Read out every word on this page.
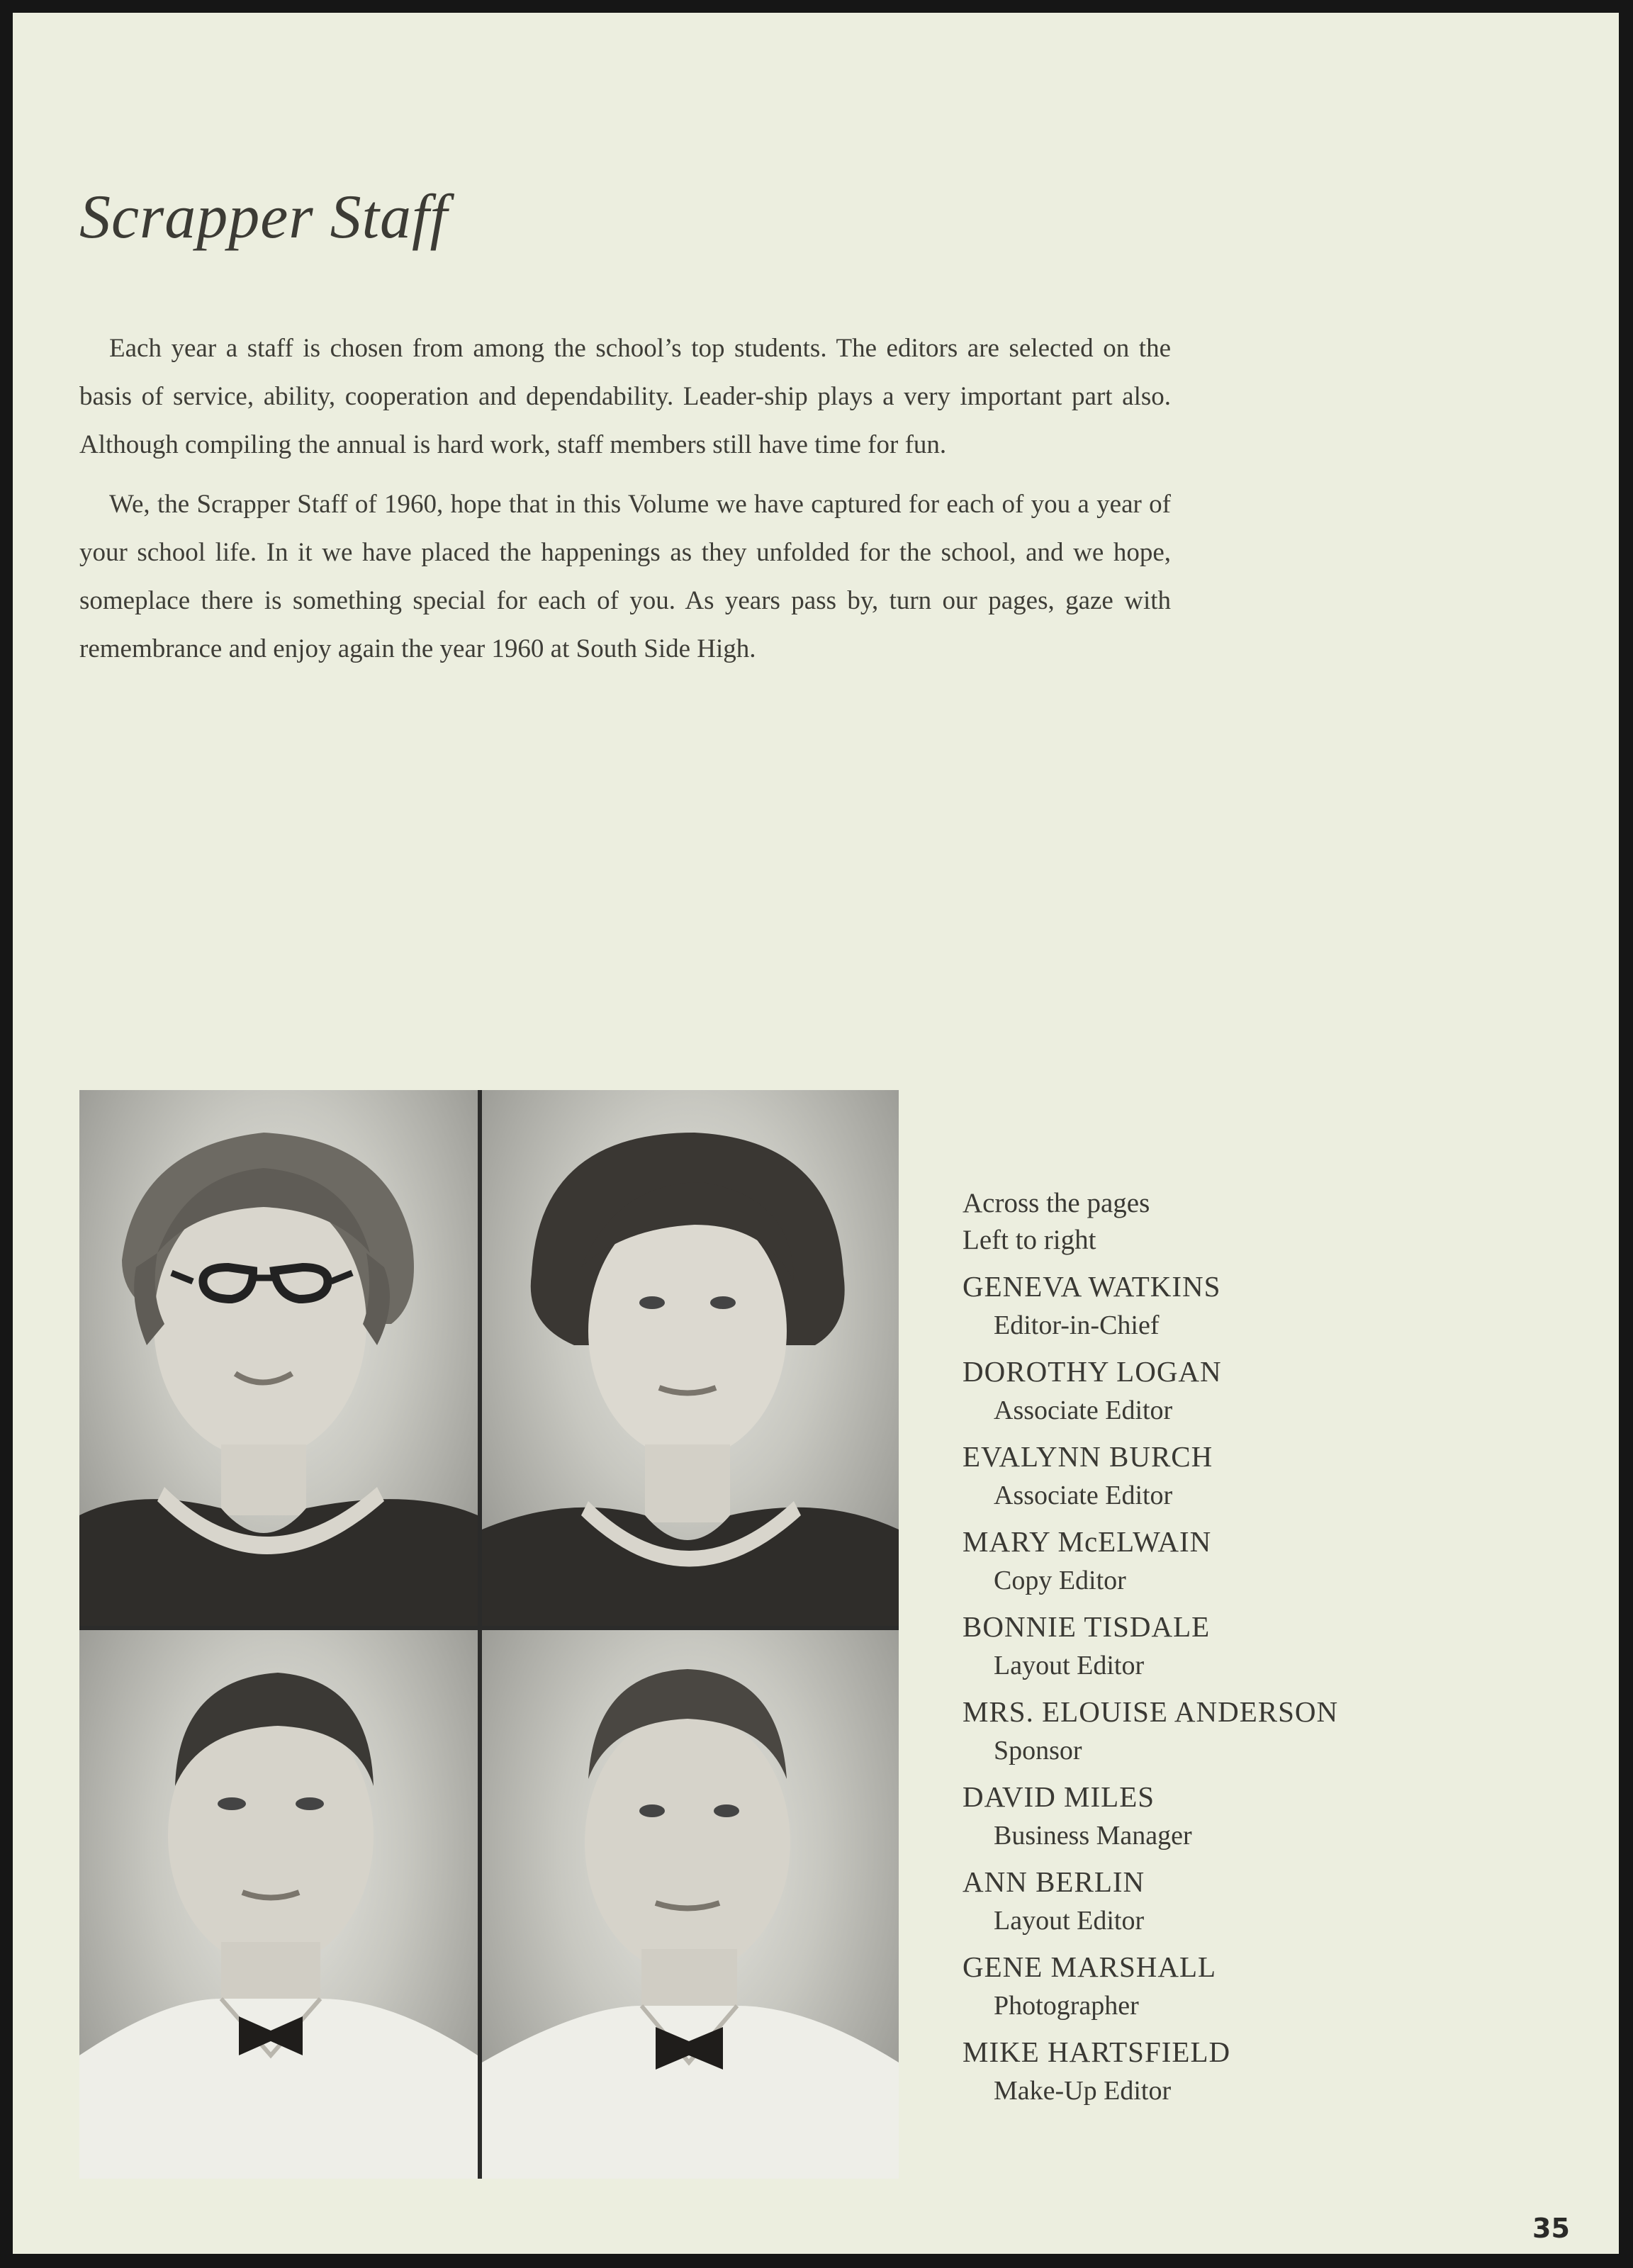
Scrapper Staff

Each year a staff is chosen from among the school’s top students. The editors are selected on the basis of service, ability, cooperation and dependability. Leader-ship plays a very important part also. Although compiling the annual is hard work, staff members still have time for fun.

We, the Scrapper Staff of 1960, hope that in this Volume we have captured for each of you a year of your school life. In it we have placed the happenings as they unfolded for the school, and we hope, someplace there is something special for each of you. As years pass by, turn our pages, gaze with remembrance and enjoy again the year 1960 at South Side High.

Across the pages
Left to right
GENEVA WATKINS
Editor-in-Chief
DOROTHY LOGAN
Associate Editor
EVALYNN BURCH
Associate Editor
MARY McELWAIN
Copy Editor
BONNIE TISDALE
Layout Editor
MRS. ELOUISE ANDERSON
Sponsor
DAVID MILES
Business Manager
ANN BERLIN
Layout Editor
GENE MARSHALL
Photographer
MIKE HARTSFIELD
Make-Up Editor
35
